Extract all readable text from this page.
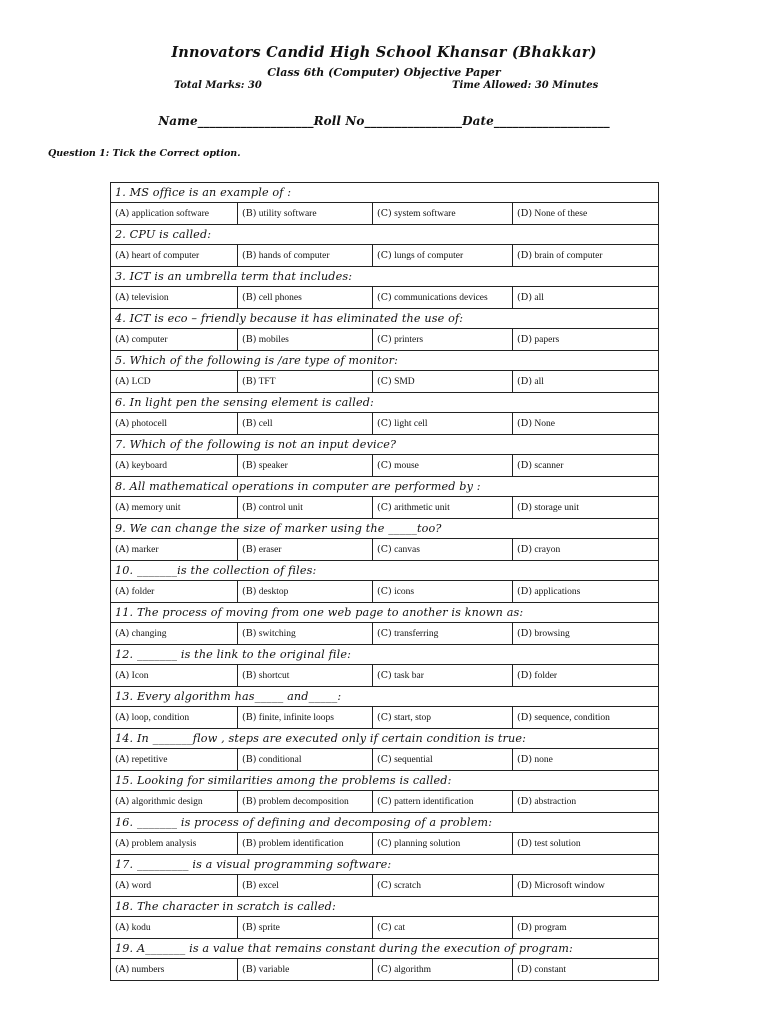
Innovators Candid High School Khansar (Bhakkar)
Class 6th (Computer) Objective Paper
Total Marks: 30	Time Allowed: 30 Minutes
Name___________________Roll No________________Date___________________
Question 1: Tick the Correct option.
1. MS office is an example of :			
(A) application software	(B) utility software	(C) system software	(D) None of these
2. CPU is called:			
(A) heart of computer	(B) hands of computer	(C) lungs of computer	(D) brain of computer
3. ICT is an umbrella term that includes:			
(A) television	(B) cell phones	(C) communications devices	(D) all
4. ICT is eco – friendly because it has eliminated the use of:			
(A) computer	(B) mobiles	(C) printers	(D) papers
5. Which of the following is /are type of monitor:			
(A) LCD	(B) TFT	(C) SMD	(D) all
6. In light pen the sensing element is called:			
(A) photocell	(B) cell	(C) light cell	(D) None
7. Which of the following is not an input device?			
(A) keyboard	(B) speaker	(C) mouse	(D) scanner
8. All mathematical operations in computer are performed by :			
(A) memory unit	(B) control unit	(C) arithmetic unit	(D) storage unit
9. We can change the size of marker using the _____too?			
(A) marker	(B) eraser	(C) canvas	(D) crayon
10. _______is the collection of files:			
(A) folder	(B) desktop	(C) icons	(D) applications
11. The process of moving from one web page to another is known as:			
(A) changing	(B) switching	(C) transferring	(D) browsing
12. _______ is the link to the original file:			
(A) Icon	(B) shortcut	(C) task bar	(D) folder
13. Every algorithm has_____ and_____:			
(A) loop, condition	(B) finite, infinite loops	(C) start, stop	(D) sequence, condition
14. In _______flow , steps are executed only if certain condition is true:			
(A) repetitive	(B) conditional	(C) sequential	(D) none
15. Looking for similarities among the problems is called:			
(A) algorithmic design	(B) problem decomposition	(C) pattern identification	(D) abstraction
16. _______ is process of defining and decomposing of a problem:			
(A) problem analysis	(B) problem identification	(C) planning solution	(D) test solution
17. _________ is a visual programming software:			
(A) word	(B) excel	(C) scratch	(D) Microsoft window
18. The character in scratch is called:			
(A) kodu	(B) sprite	(C) cat	(D) program
19. A_______ is a value that remains constant during the execution of program:			
(A) numbers	(B) variable	(C) algorithm	(D) constant
